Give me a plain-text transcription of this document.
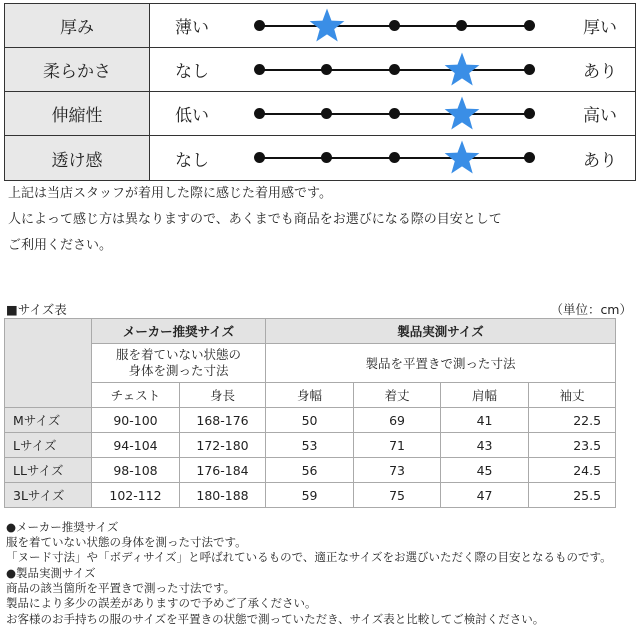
厚み	薄い	厚い
柔らかさ	なし	あり
伸縮性	低い	高い
透け感	なし	あり
上記は当店スタッフが着用した際に感じた着用感です。
人によって感じ方は異なりますので、あくまでも商品をお選びになる際の目安として
ご利用ください。
■サイズ表	（単位：cm）
	メーカー推奨サイズ		製品実測サイズ			
	服を着ていない状態の身体を測った寸法		製品を平置きで測った寸法			
	チェスト	身長	身幅	着丈	肩幅	袖丈
Mサイズ	90-100	168-176	50	69	41	22.5
Lサイズ	94-104	172-180	53	71	43	23.5
LLサイズ	98-108	176-184	56	73	45	24.5
3Lサイズ	102-112	180-188	59	75	47	25.5
●メーカー推奨サイズ
服を着ていない状態の身体を測った寸法です。
「ヌード寸法」や「ボディサイズ」と呼ばれているもので、適正なサイズをお選びいただく際の目安となるものです。
●製品実測サイズ
商品の該当箇所を平置きで測った寸法です。
製品により多少の誤差がありますので予めご了承ください。
お客様のお手持ちの服のサイズを平置きの状態で測っていただき、サイズ表と比較してご検討ください。
